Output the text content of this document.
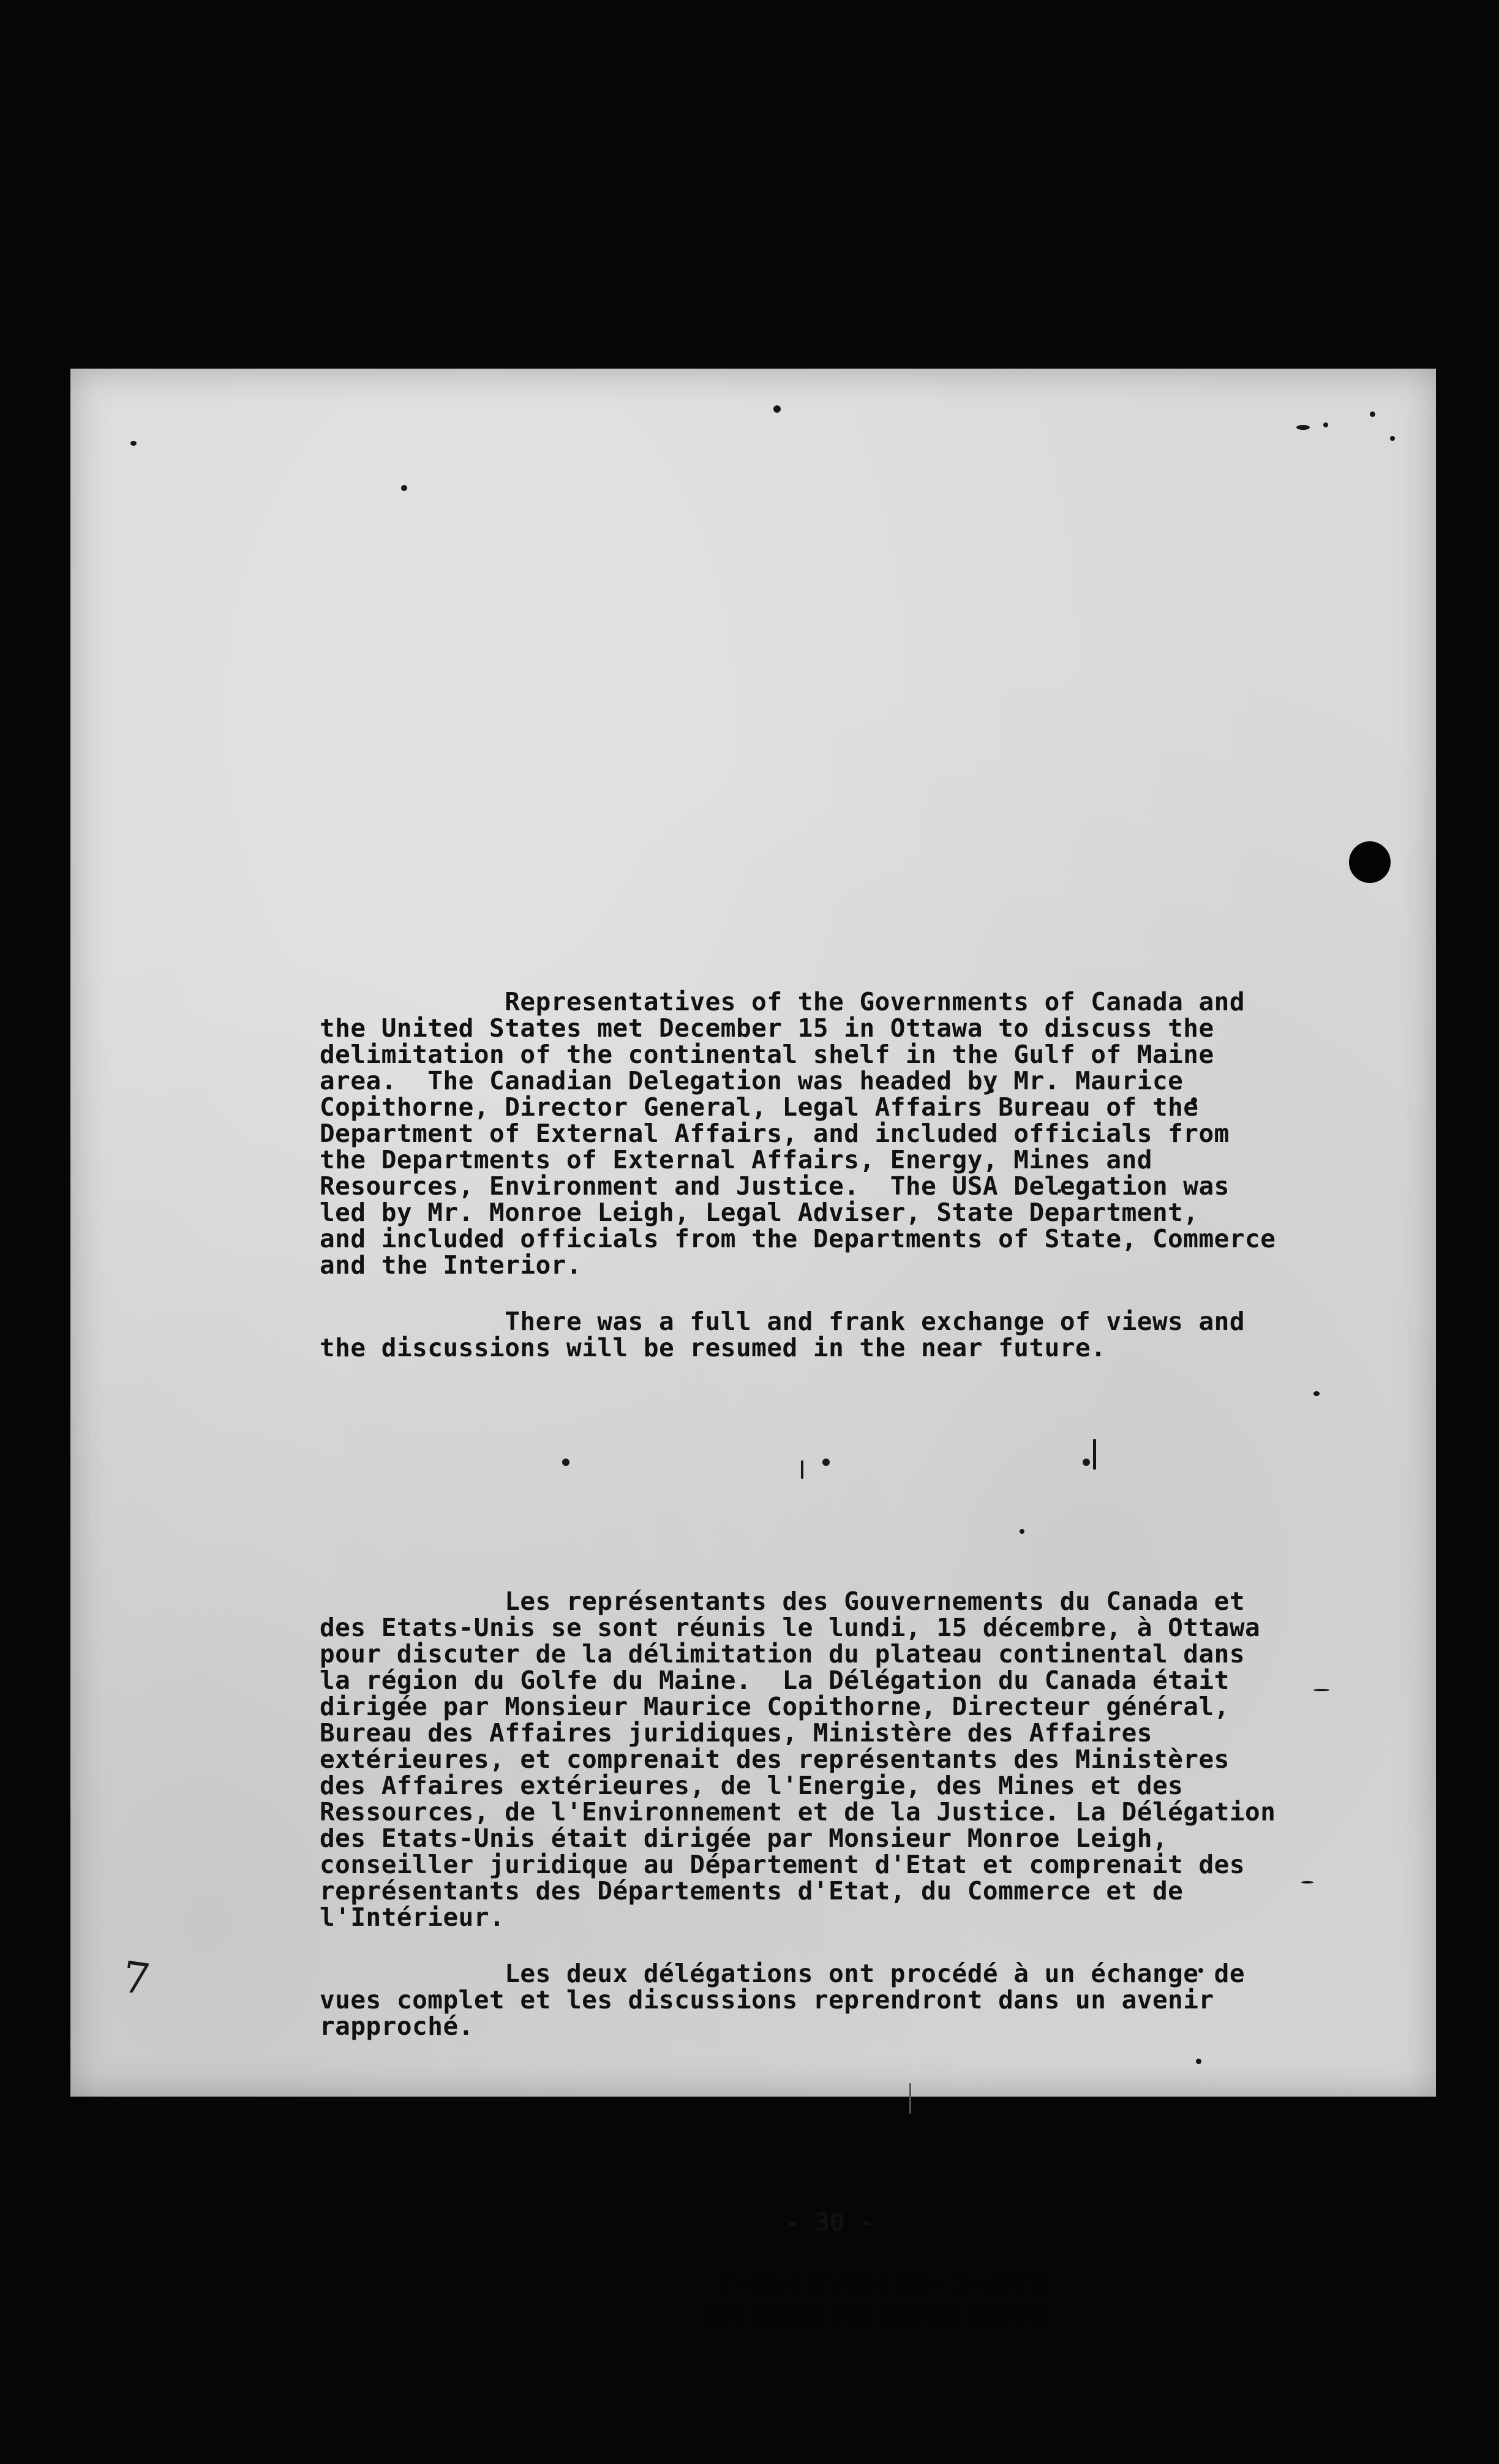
Representatives of the Governments of Canada and
the United States met December 15 in Ottawa to discuss the
delimitation of the continental shelf in the Gulf of Maine
area.  The Canadian Delegation was headed by Mr. Maurice
Copithorne, Director General, Legal Affairs Bureau of the
Department of External Affairs, and included officials from
the Departments of External Affairs, Energy, Mines and
Resources, Environment and Justice.  The USA Delegation was
led by Mr. Monroe Leigh, Legal Adviser, State Department,
and included officials from the Departments of State, Commerce
and the Interior.
There was a full and frank exchange of views and
the discussions will be resumed in the near future.
Les représentants des Gouvernements du Canada et
des Etats-Unis se sont réunis le lundi, 15 décembre, à Ottawa
pour discuter de la délimitation du plateau continental dans
la région du Golfe du Maine.  La Délégation du Canada était
dirigée par Monsieur Maurice Copithorne, Directeur général,
Bureau des Affaires juridiques, Ministère des Affaires
extérieures, et comprenait des représentants des Ministères
des Affaires extérieures, de l'Energie, des Mines et des
Ressources, de l'Environnement et de la Justice. La Délégation
des Etats-Unis était dirigée par Monsieur Monroe Leigh,
conseiller juridique au Département d'Etat et comprenait des
représentants des Départements d'Etat, du Commerce et de
l'Intérieur.
Les deux délégations ont procédé à un échange de
vues complet et les discussions reprendront dans un avenir
rapproché.
- 30 -
▒▒▒▒▒▒ ▒▒▒▒▒▒ ▒▒▒▒ ▒▒▒▒▒▒▒
▒▒▒ ▒▒▒▒▒ ▒▒▒ ▒▒▒▒▒▒ ▒▒▒▒▒▒
7
